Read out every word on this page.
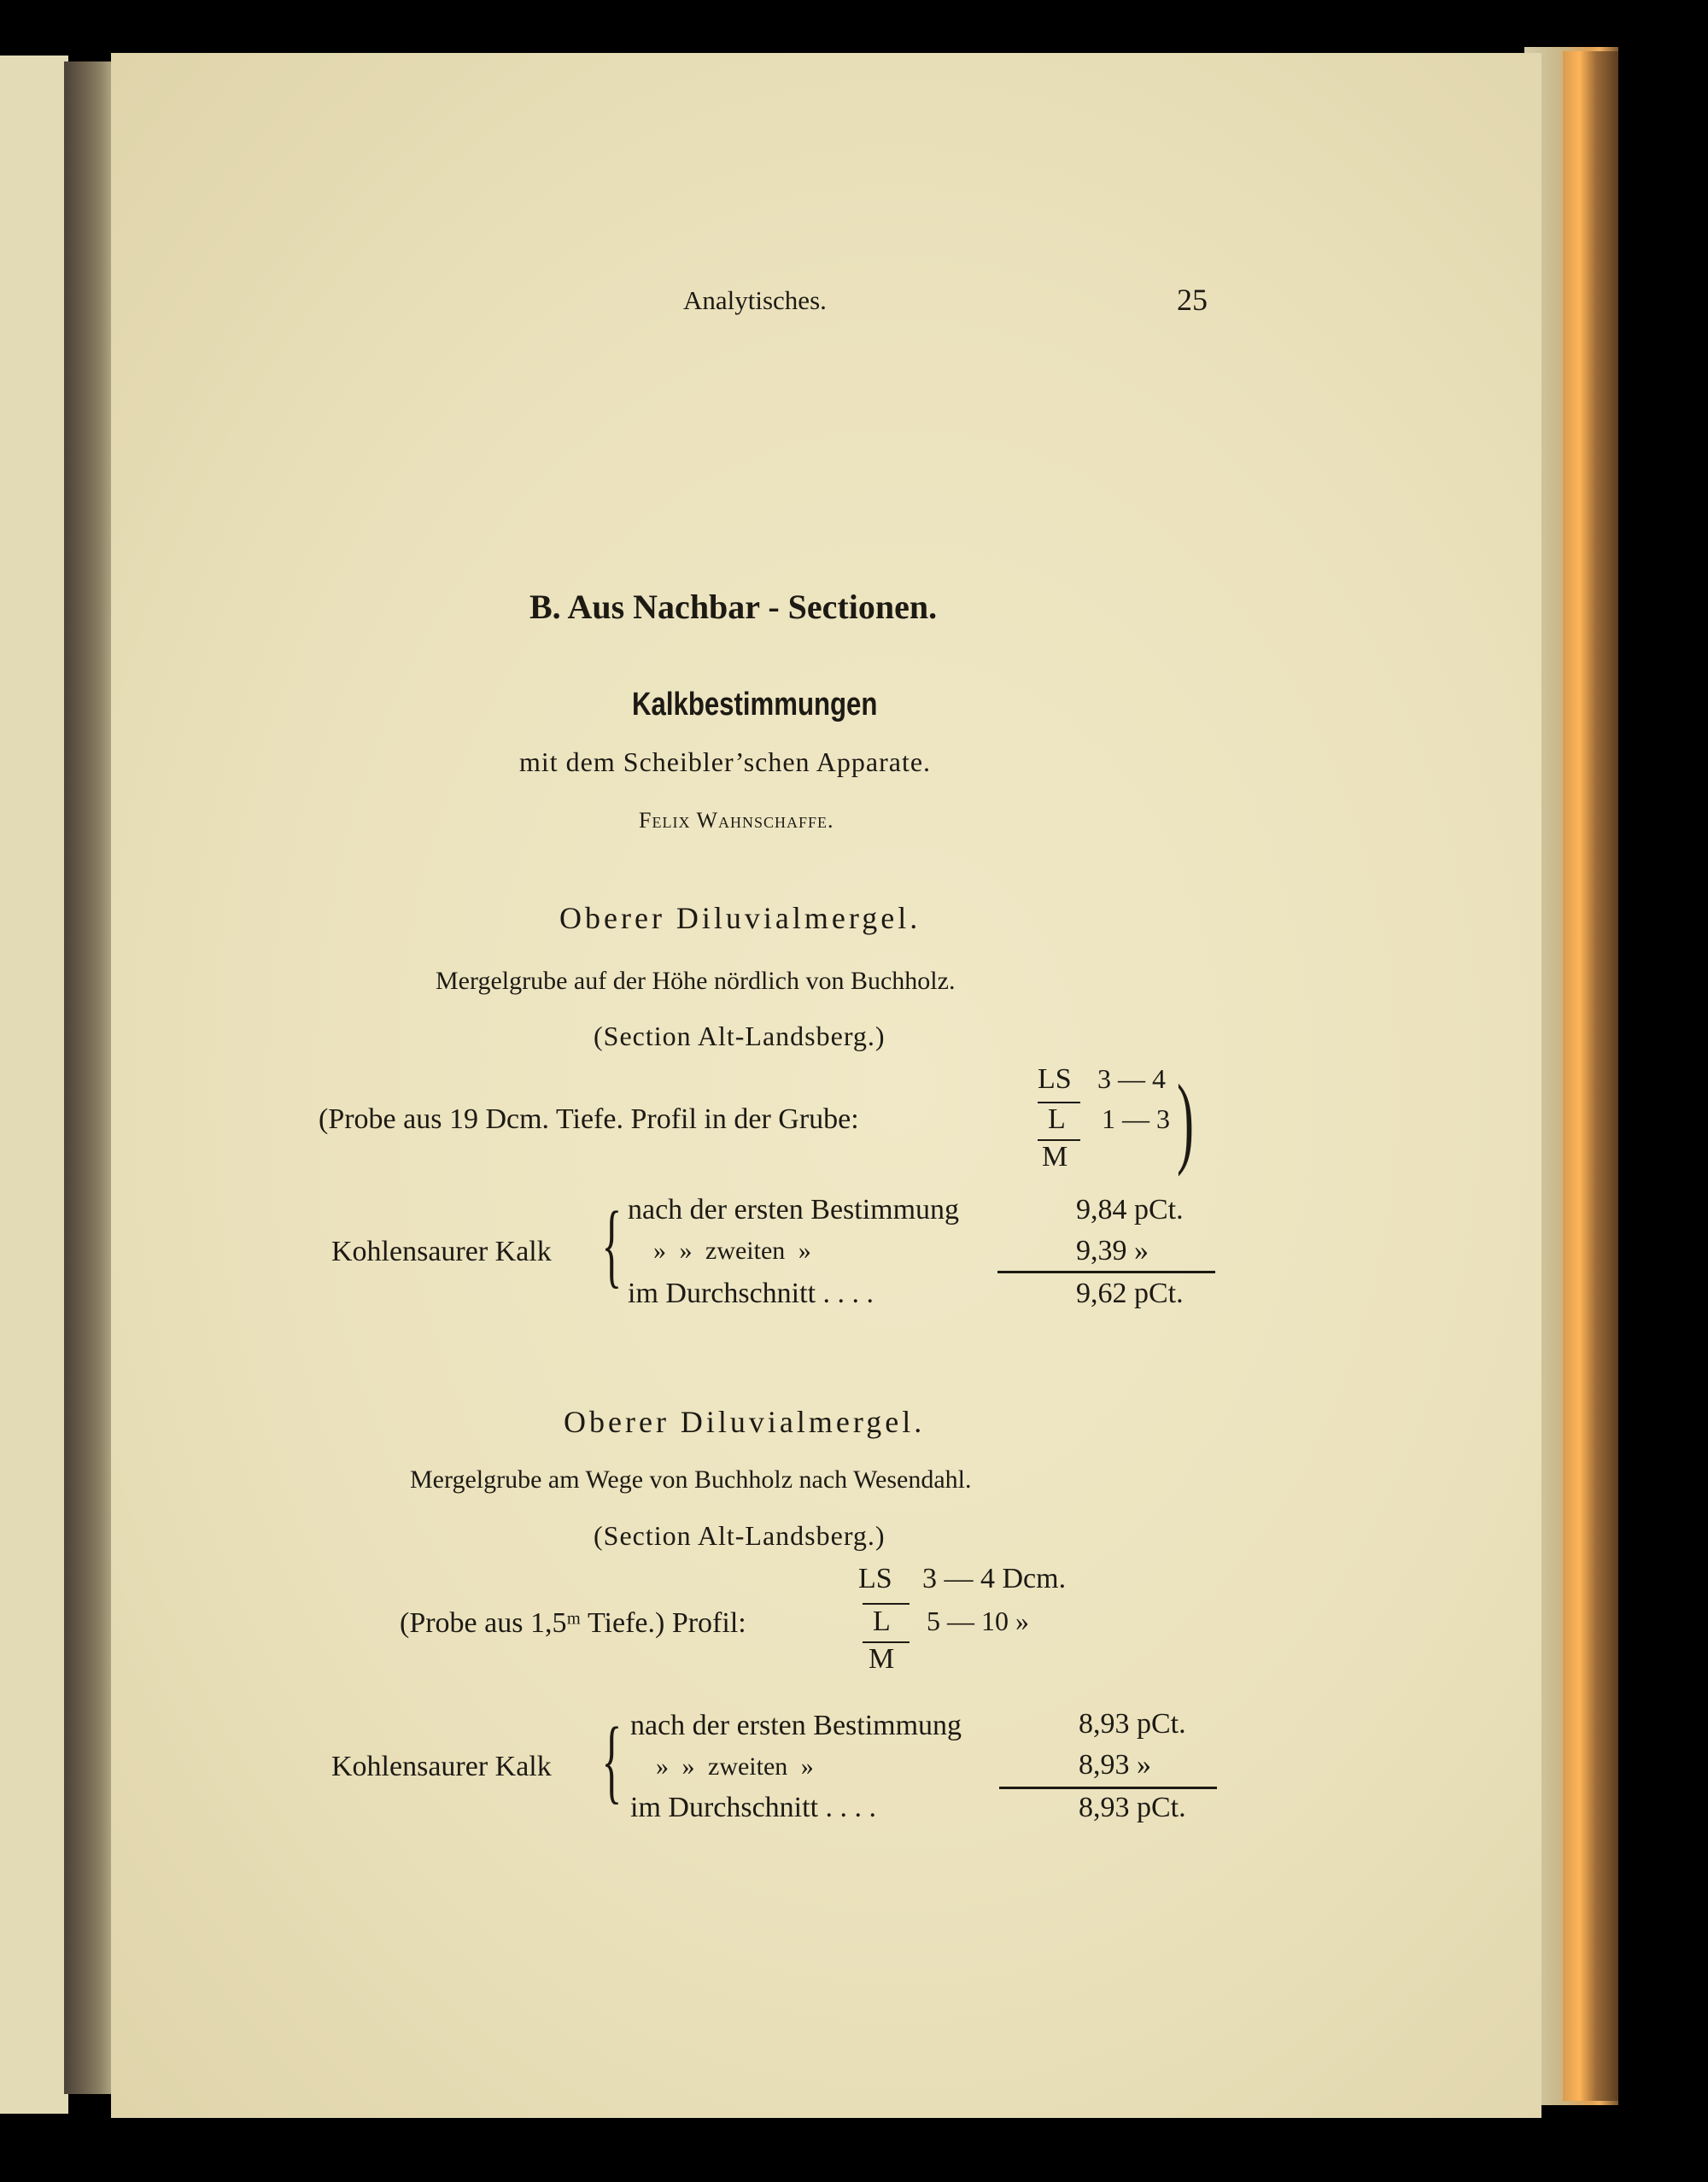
Analytisches.	25
B. Aus Nachbar - Sectionen.
Kalkbestimmungen
mit dem Scheibler’schen Apparate.
Felix Wahnschaffe.
Oberer Diluvialmergel.
Mergelgrube auf der Höhe nördlich von Buchholz.
(Section Alt-Landsberg.)
LS 3 — 4
(Probe aus 19 Dcm. Tiefe. Profil in der Grube:	L 1 — 3
M )
Kohlensaurer Kalk { nach der ersten Bestimmung	9,84 pCt.
» » zweiten »	9,39 »
im Durchschnitt . . . .	9,62 pCt.
Oberer Diluvialmergel.
Mergelgrube am Wege von Buchholz nach Wesendahl.
(Section Alt-Landsberg.)
LS 3 — 4 Dcm.
(Probe aus 1,5ᵐ Tiefe.) Profil:	L 5 — 10 »
M
Kohlensaurer Kalk { nach der ersten Bestimmung	8,93 pCt.
» » zweiten »	8,93 »
im Durchschnitt . . . .	8,93 pCt.
